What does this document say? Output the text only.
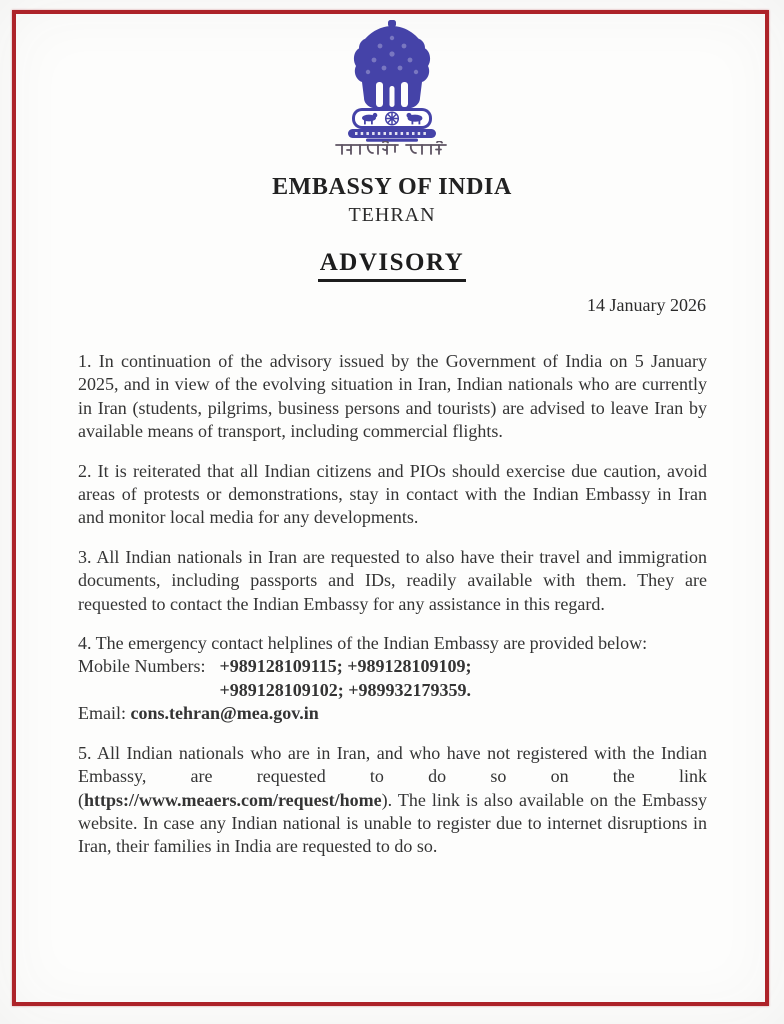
EMBASSY OF INDIA
TEHRAN
ADVISORY
14 January 2026
1. In continuation of the advisory issued by the Government of India on 5 January 2025, and in view of the evolving situation in Iran, Indian nationals who are currently in Iran (students, pilgrims, business persons and tourists) are advised to leave Iran by available means of transport, including commercial flights.
2. It is reiterated that all Indian citizens and PIOs should exercise due caution, avoid areas of protests or demonstrations, stay in contact with the Indian Embassy in Iran and monitor local media for any developments.
3. All Indian nationals in Iran are requested to also have their travel and immigration documents, including passports and IDs, readily available with them. They are requested to contact the Indian Embassy for any assistance in this regard.
4. The emergency contact helplines of the Indian Embassy are provided below:
Mobile Numbers: +989128109115; +989128109109;
+989128109102; +989932179359.
Email: cons.tehran@mea.gov.in
5. All Indian nationals who are in Iran, and who have not registered with the Indian Embassy, are requested to do so on the link (https://www.meaers.com/request/home). The link is also available on the Embassy website. In case any Indian national is unable to register due to internet disruptions in Iran, their families in India are requested to do so.
